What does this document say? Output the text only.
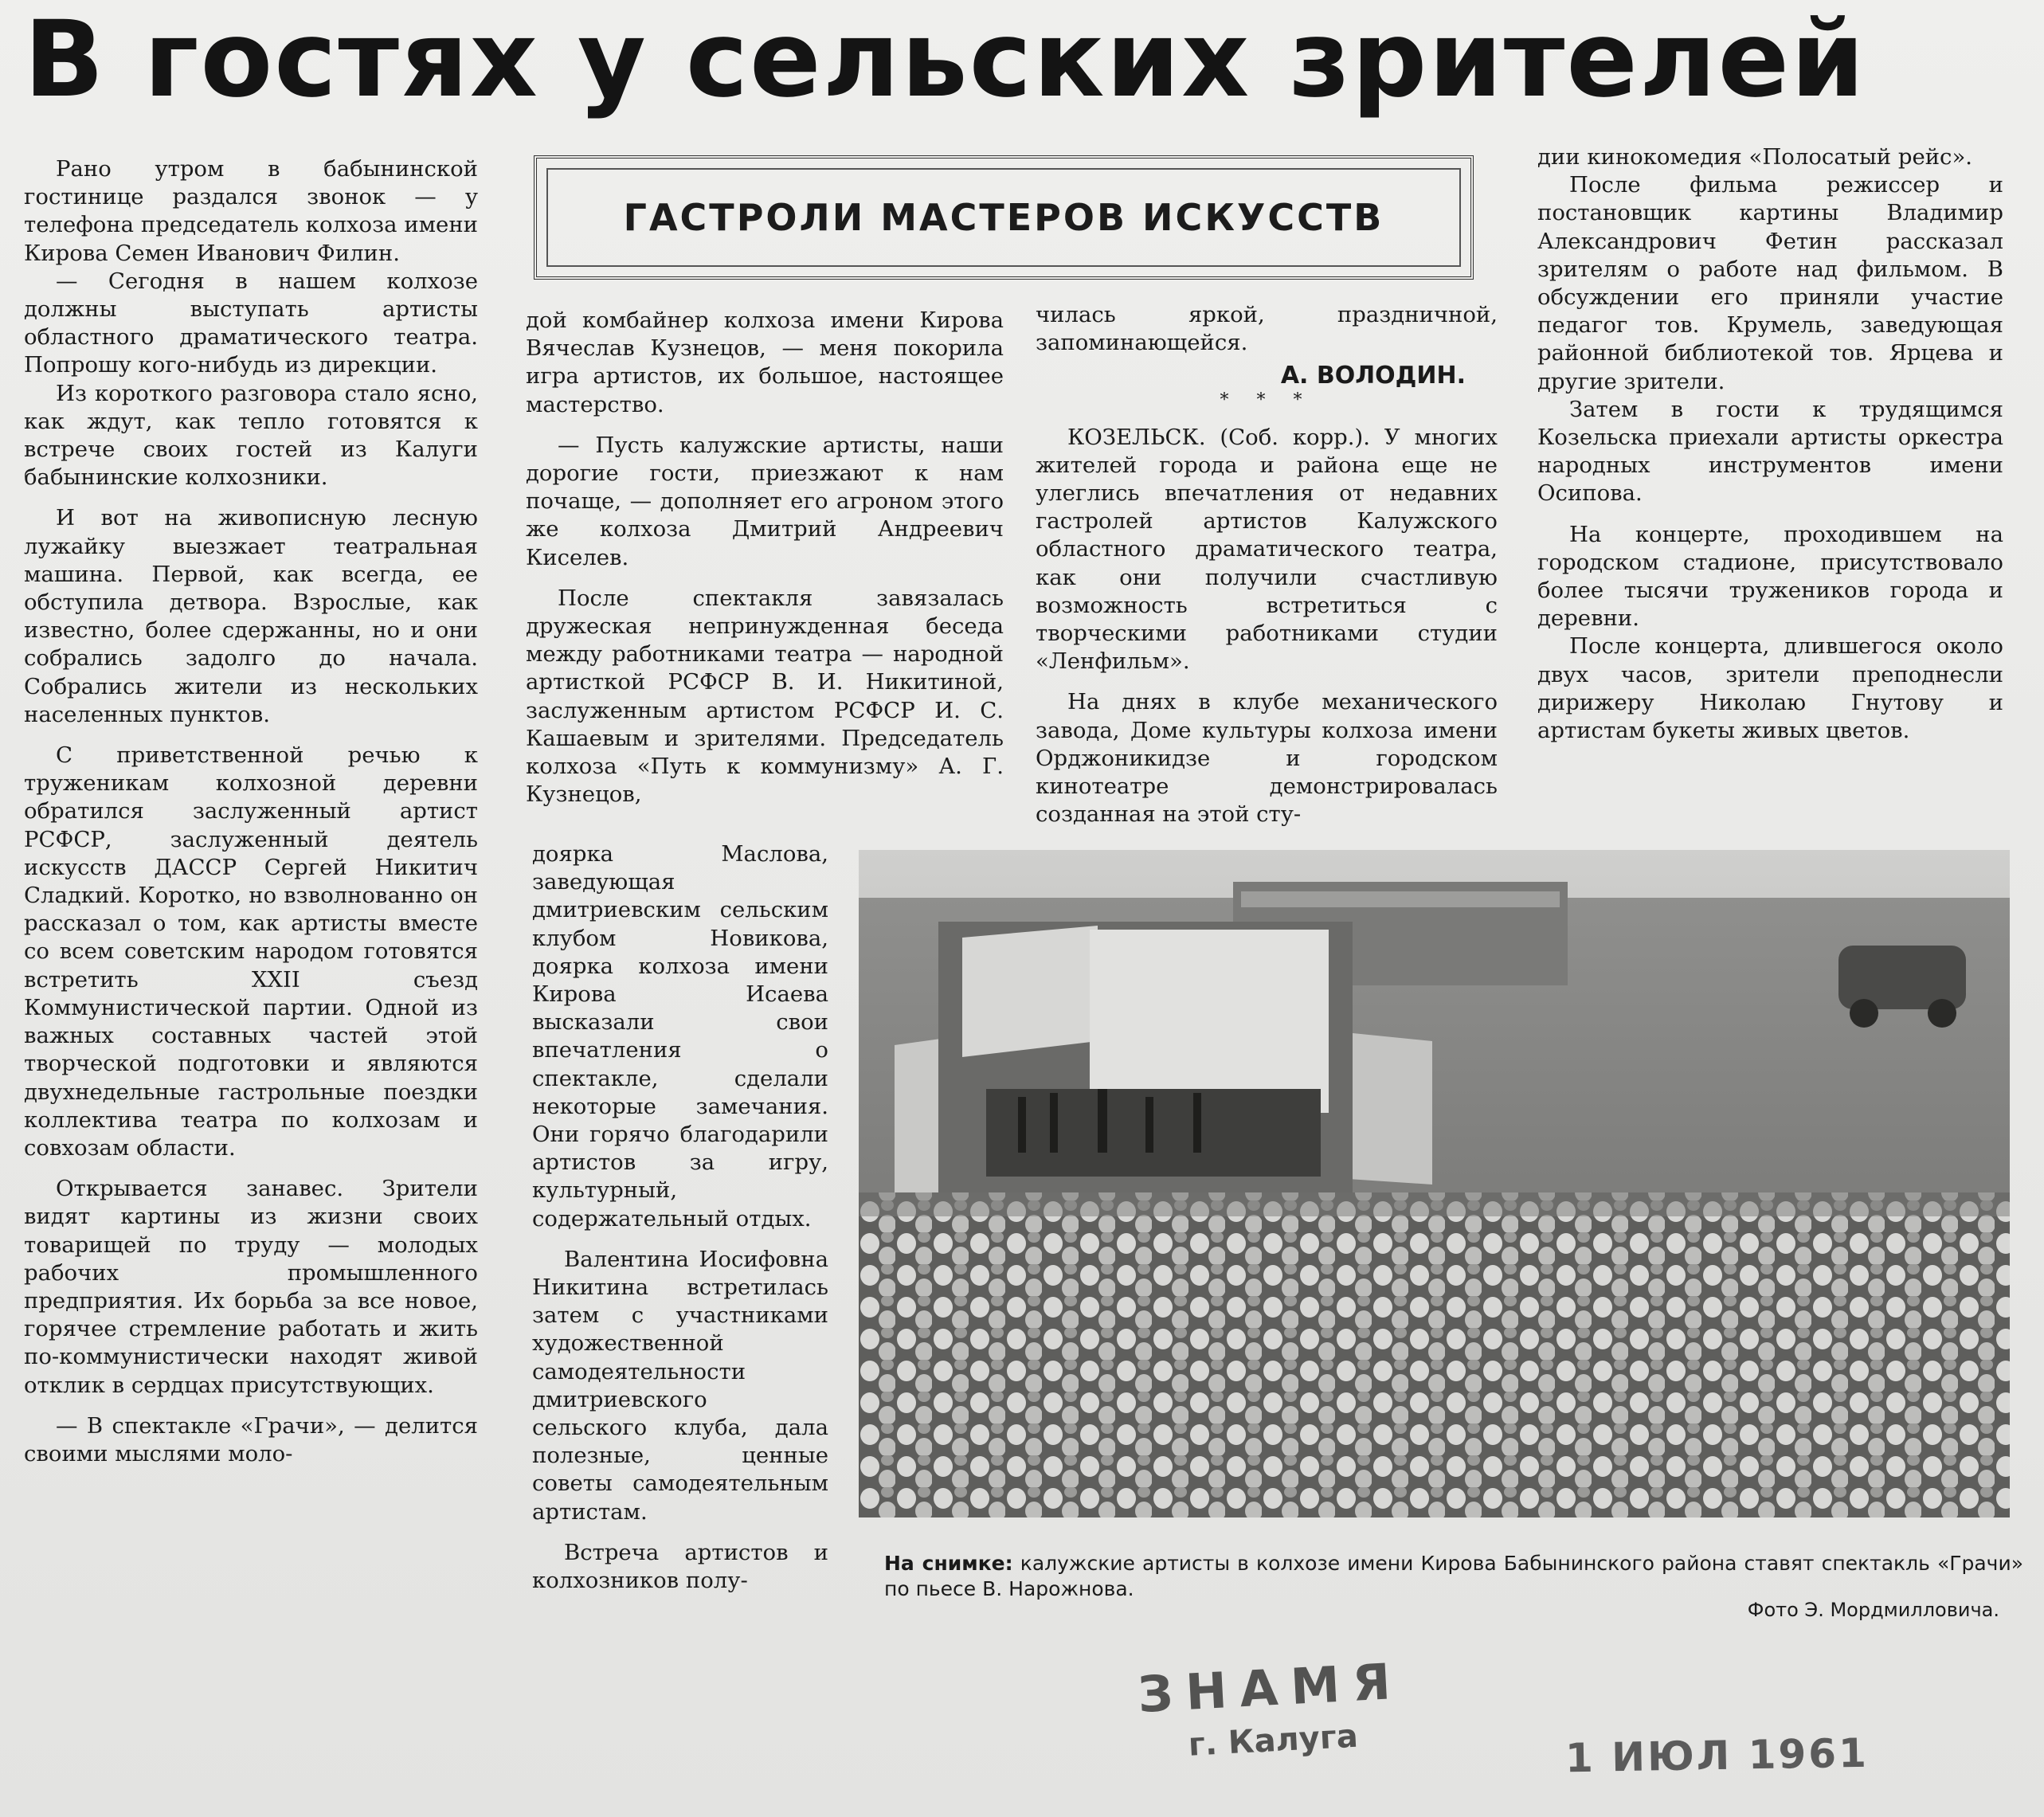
В гостях у сельских зрителей

Рано утром в бабынинской гостинице раздался звонок — у телефона председатель колхоза имени Кирова Семен Иванович Филин.

— Сегодня в нашем колхозе должны выступать артисты областного драматического театра. Попрошу кого-нибудь из дирекции.

Из короткого разговора стало ясно, как ждут, как тепло готовятся к встрече своих гостей из Калуги бабынинские колхозники.

И вот на живописную лесную лужайку выезжает театральная машина. Первой, как всегда, ее обступила детвора. Взрослые, как известно, более сдержанны, но и они собрались задолго до начала. Собрались жители из нескольких населенных пунктов.

С приветственной речью к труженикам колхозной деревни обратился заслуженный артист РСФСР, заслуженный деятель искусств ДАССР Сергей Никитич Сладкий. Коротко, но взволнованно он рассказал о том, как артисты вместе со всем советским народом готовятся встретить XXII съезд Коммунистической партии. Одной из важных составных частей этой творческой подготовки и являются двухнедельные гастрольные поездки коллектива театра по колхозам и совхозам области.

Открывается занавес. Зрители видят картины из жизни своих товарищей по труду — молодых рабочих промышленного предприятия. Их борьба за все новое, горячее стремление работать и жить по-коммунистически находят живой отклик в сердцах присутствующих.

— В спектакле «Грачи», — делится своими мыслями моло-

ГАСТРОЛИ МАСТЕРОВ ИСКУССТВ

дой комбайнер колхоза имени Кирова Вячеслав Кузнецов, — меня покорила игра артистов, их большое, настоящее мастерство.

— Пусть калужские артисты, наши дорогие гости, приезжают к нам почаще, — дополняет его агроном этого же колхоза Дмитрий Андреевич Киселев.

После спектакля завязалась дружеская непринужденная беседа между работниками театра — народной артисткой РСФСР В. И. Никитиной, заслуженным артистом РСФСР И. С. Кашаевым и зрителями. Председатель колхоза «Путь к коммунизму» А. Г. Кузнецов,

доярка Маслова, заведующая дмитриевским сельским клубом Новикова, доярка колхоза имени Кирова Исаева высказали свои впечатления о спектакле, сделали некоторые замечания. Они горячо благодарили артистов за игру, культурный, содержательный отдых.

Валентина Иосифовна Никитина встретилась затем с участниками художественной самодеятельности дмитриевского сельского клуба, дала полезные, ценные советы самодеятельным артистам.

Встреча артистов и колхозников полу-

чилась яркой, праздничной, запоминающейся.

А. ВОЛОДИН.
* * *

КОЗЕЛЬСК. (Соб. корр.). У многих жителей города и района еще не улеглись впечатления от недавних гастролей артистов Калужского областного драматического театра, как они получили счастливую возможность встретиться с творческими работниками студии «Ленфильм».

На днях в клубе механического завода, Доме культуры колхоза имени Орджоникидзе и городском кинотеатре демонстрировалась созданная на этой сту-

дии кинокомедия «Полосатый рейс».

После фильма режиссер и постановщик картины Владимир Александрович Фетин рассказал зрителям о работе над фильмом. В обсуждении его приняли участие педагог тов. Крумель, заведующая районной библиотекой тов. Ярцева и другие зрители.

Затем в гости к трудящимся Козельска приехали артисты оркестра народных инструментов имени Осипова.

На концерте, проходившем на городском стадионе, присутствовало более тысячи тружеников города и деревни.

После концерта, длившегося около двух часов, зрители преподнесли дирижеру Николаю Гнутову и артистам букеты живых цветов.

На снимке: калужские артисты в колхозе имени Кирова Бабынинского района ставят спектакль «Грачи» по пьесе В. Нарожнова.
Фото Э. Мордмилловича.
ЗНАМЯ
г. Калуга	1 ИЮЛ 1961
